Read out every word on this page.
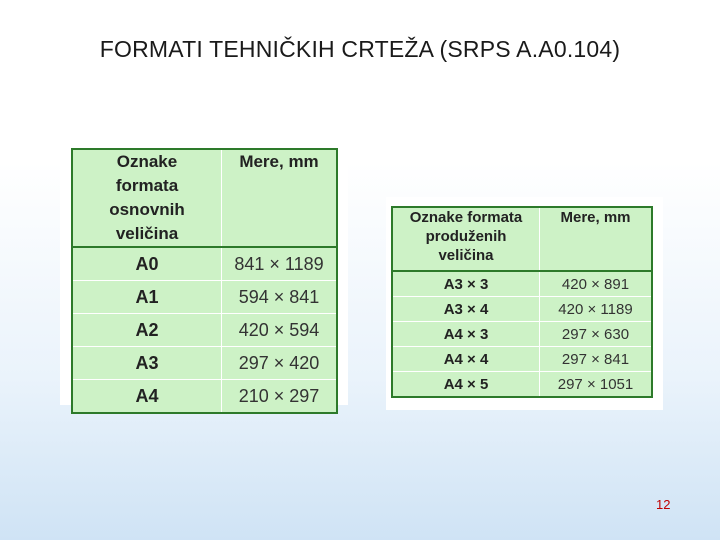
FORMATI TEHNIČKIH CRTEŽA (SRPS A.A0.104)
Oznake formata osnovnih veličina	Mere, mm
A0	841 × 1189
A1	594 × 841
A2	420 × 594
A3	297 × 420
A4	210 × 297
Oznake formata produženih veličina	Mere, mm
A3 × 3	420 × 891
A3 × 4	420 × 1189
A4 × 3	297 × 630
A4 × 4	297 × 841
A4 × 5	297 × 1051
12
